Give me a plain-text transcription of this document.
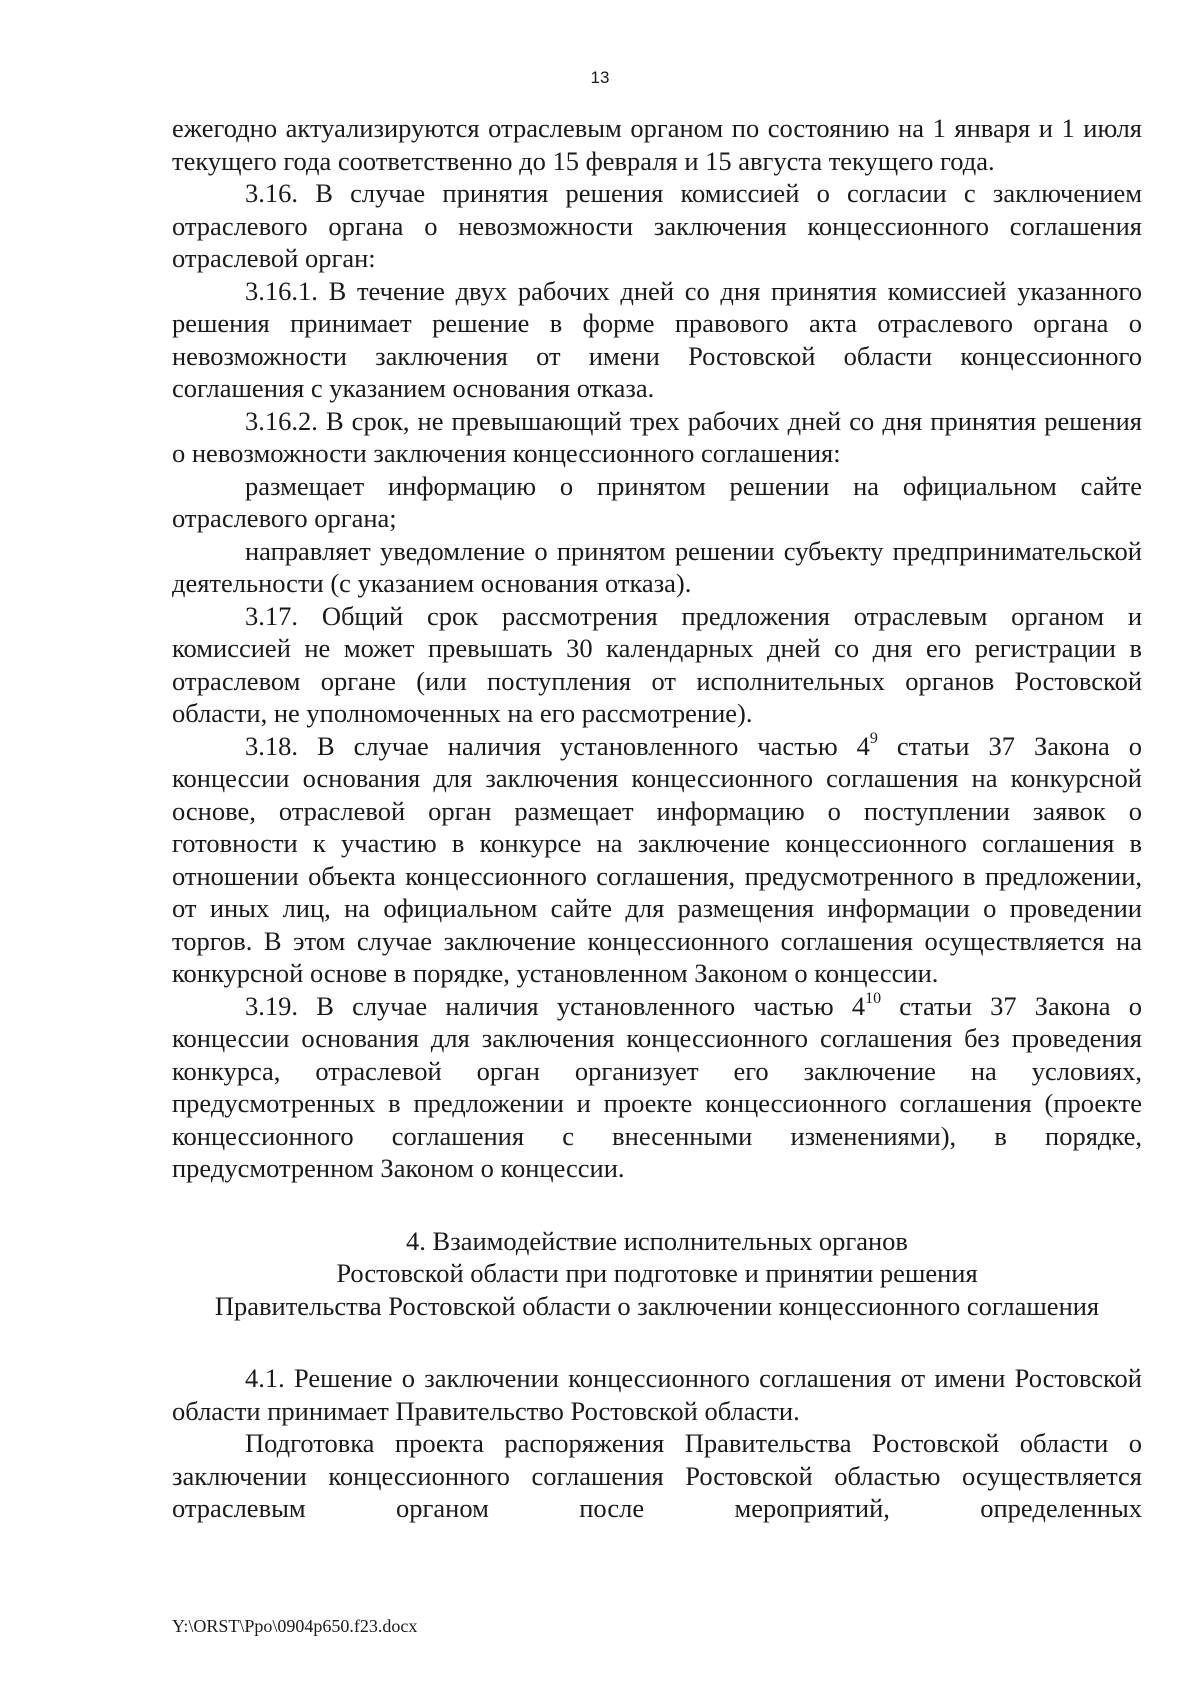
13

ежегодно актуализируются отраслевым органом по состоянию на 1 января и 1 июля текущего года соответственно до 15 февраля и 15 августа текущего года.

3.16. В случае принятия решения комиссией о согласии с заключением отраслевого органа о невозможности заключения концессионного соглашения отраслевой орган:

3.16.1. В течение двух рабочих дней со дня принятия комиссией указанного решения принимает решение в форме правового акта отраслевого органа о невозможности заключения от имени Ростовской области концессионного соглашения с указанием основания отказа.

3.16.2. В срок, не превышающий трех рабочих дней со дня принятия решения о невозможности заключения концессионного соглашения:

размещает информацию о принятом решении на официальном сайте отраслевого органа;

направляет уведомление о принятом решении субъекту предпринимательской деятельности (с указанием основания отказа).

3.17. Общий срок рассмотрения предложения отраслевым органом и комиссией не может превышать 30 календарных дней со дня его регистрации в отраслевом органе (или поступления от исполнительных органов Ростовской области, не уполномоченных на его рассмотрение).

3.18. В случае наличия установленного частью $4^9$ статьи 37 Закона о концессии основания для заключения концессионного соглашения на конкурсной основе, отраслевой орган размещает информацию о поступлении заявок о готовности к участию в конкурсе на заключение концессионного соглашения в отношении объекта концессионного соглашения, предусмотренного в предложении, от иных лиц, на официальном сайте для размещения информации о проведении торгов. В этом случае заключение концессионного соглашения осуществляется на конкурсной основе в порядке, установленном Законом о концессии.

3.19. В случае наличия установленного частью $4^{10}$ статьи 37 Закона о концессии основания для заключения концессионного соглашения без проведения конкурса, отраслевой орган организует его заключение на условиях, предусмотренных в предложении и проекте концессионного соглашения (проекте концессионного соглашения с внесенными изменениями), в порядке, предусмотренном Законом о концессии.

4. Взаимодействие исполнительных органов

Ростовской области при подготовке и принятии решения

Правительства Ростовской области о заключении концессионного соглашения

4.1. Решение о заключении концессионного соглашения от имени Ростовской области принимает Правительство Ростовской области.

Подготовка проекта распоряжения Правительства Ростовской области о заключении концессионного соглашения Ростовской областью осуществляется отраслевым органом после мероприятий, определенных

Y:\ORST\Ppo\0904p650.f23.docx
